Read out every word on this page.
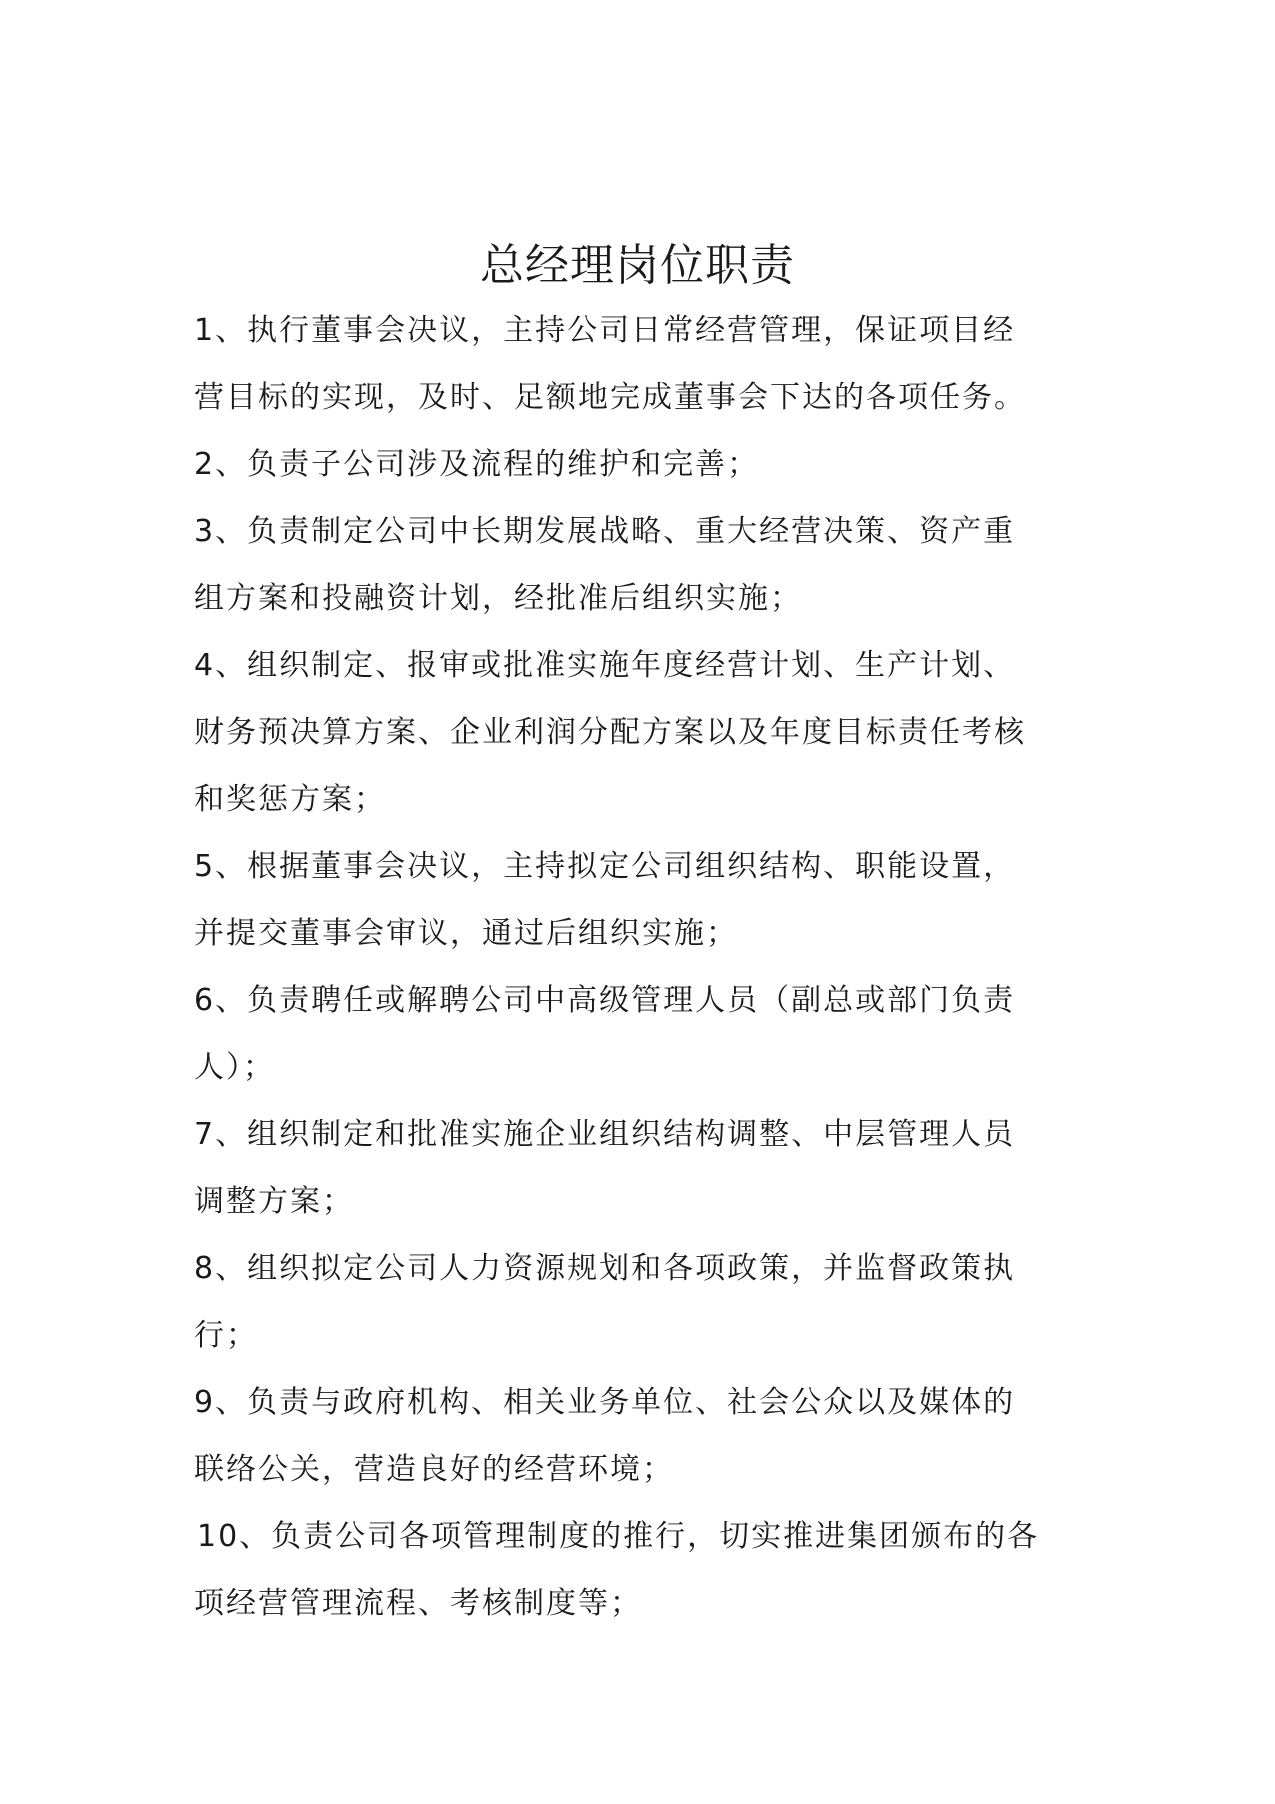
总经理岗位职责

1、执行董事会决议，主持公司日常经营管理，保证项目经

营目标的实现，及时、足额地完成董事会下达的各项任务。

2、负责子公司涉及流程的维护和完善；

3、负责制定公司中长期发展战略、重大经营决策、资产重

组方案和投融资计划，经批准后组织实施；

4、组织制定、报审或批准实施年度经营计划、生产计划、

财务预决算方案、企业利润分配方案以及年度目标责任考核

和奖惩方案；

5、根据董事会决议，主持拟定公司组织结构、职能设置，

并提交董事会审议，通过后组织实施；

6、负责聘任或解聘公司中高级管理人员（副总或部门负责

人）；

7、组织制定和批准实施企业组织结构调整、中层管理人员

调整方案；

8、组织拟定公司人力资源规划和各项政策，并监督政策执

行；

9、负责与政府机构、相关业务单位、社会公众以及媒体的

联络公关，营造良好的经营环境；

10、负责公司各项管理制度的推行，切实推进集团颁布的各

项经营管理流程、考核制度等；
